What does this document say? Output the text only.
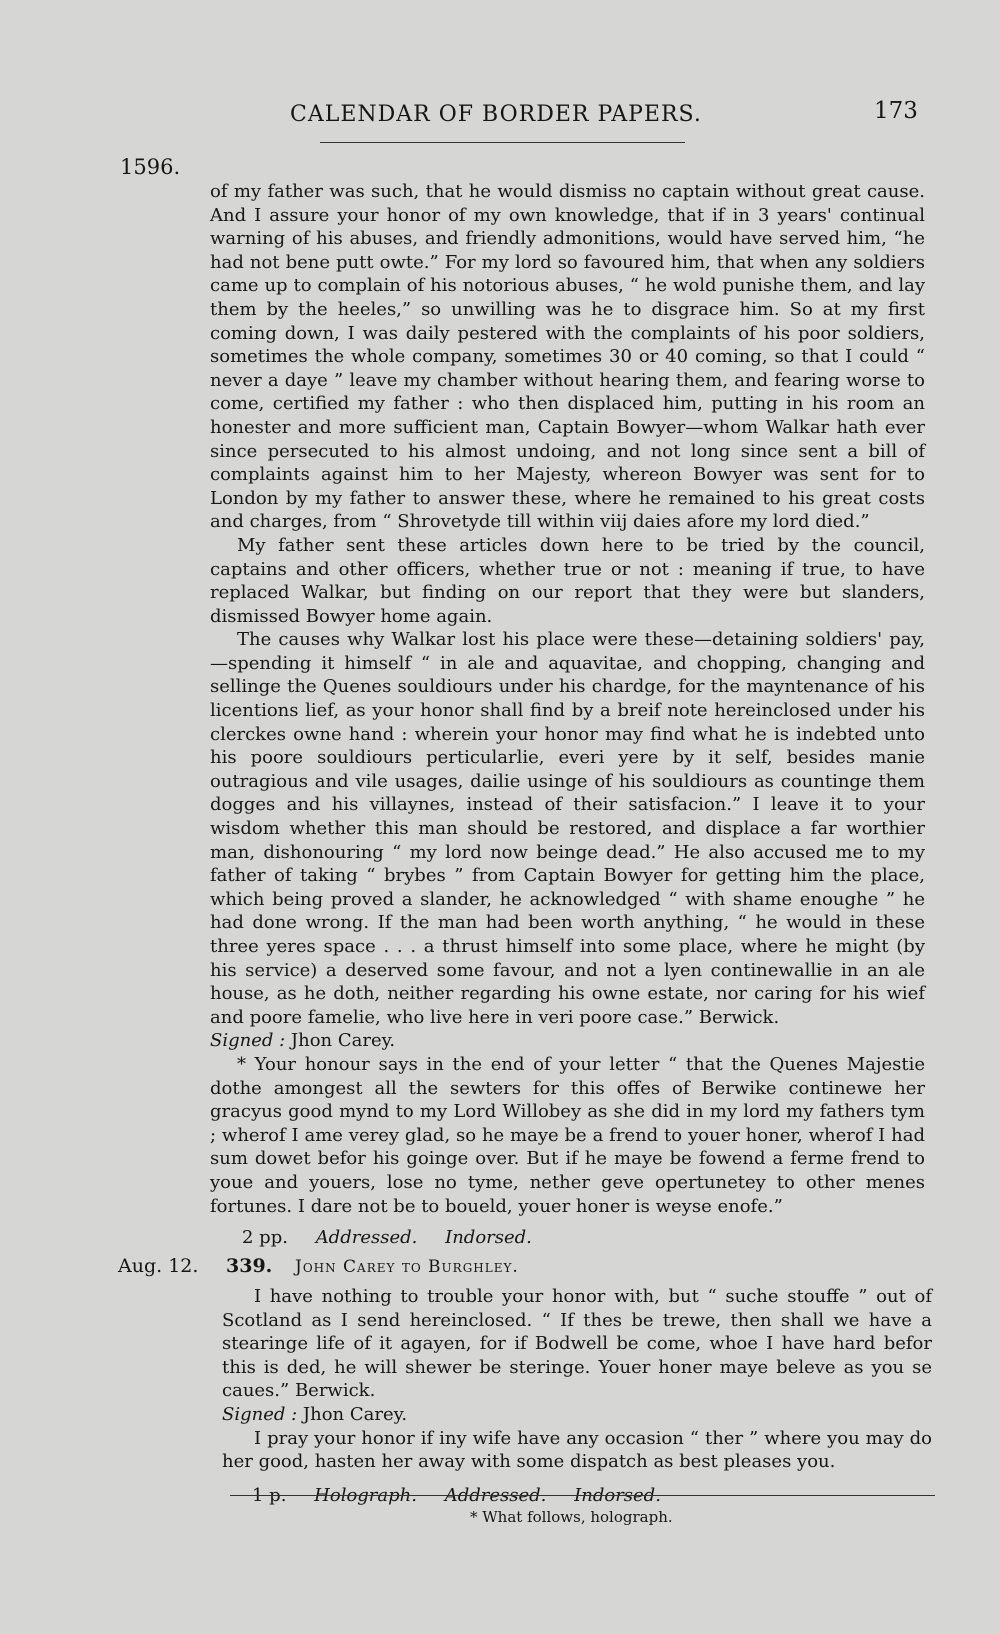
CALENDAR OF BORDER PAPERS.	173
1596.

of my father was such, that he would dismiss no captain without great cause. And I assure your honor of my own knowledge, that if in 3 years' continual warning of his abuses, and friendly admonitions, would have served him, “he had not bene putt owte.” For my lord so favoured him, that when any soldiers came up to complain of his notorious abuses, “ he wold punishe them, and lay them by the heeles,” so unwilling was he to disgrace him. So at my first coming down, I was daily pestered with the complaints of his poor soldiers, sometimes the whole company, sometimes 30 or 40 coming, so that I could “ never a daye ” leave my chamber without hearing them, and fearing worse to come, certified my father : who then displaced him, putting in his room an honester and more sufficient man, Captain Bowyer—whom Walkar hath ever since persecuted to his almost undoing, and not long since sent a bill of complaints against him to her Majesty, whereon Bowyer was sent for to London by my father to answer these, where he remained to his great costs and charges, from “ Shrovetyde till within viij daies afore my lord died.”

My father sent these articles down here to be tried by the council, captains and other officers, whether true or not : meaning if true, to have replaced Walkar, but finding on our report that they were but slanders, dismissed Bowyer home again.

The causes why Walkar lost his place were these—detaining soldiers' pay, —spending it himself “ in ale and aquavitae, and chopping, changing and sellinge the Quenes souldiours under his chardge, for the mayntenance of his licentions lief, as your honor shall find by a breif note hereinclosed under his clerckes owne hand : wherein your honor may find what he is indebted unto his poore souldiours perticularlie, everi yere by it self, besides manie outragious and vile usages, dailie usinge of his souldiours as countinge them dogges and his villaynes, instead of their satisfacion.” I leave it to your wisdom whether this man should be restored, and displace a far worthier man, dishonouring “ my lord now beinge dead.” He also accused me to my father of taking “ brybes ” from Captain Bowyer for getting him the place, which being proved a slander, he acknowledged “ with shame enoughe ” he had done wrong. If the man had been worth anything, “ he would in these three yeres space . . . a thrust himself into some place, where he might (by his service) a deserved some favour, and not a lyen continewallie in an ale house, as he doth, neither regarding his owne estate, nor caring for his wief and poore famelie, who live here in veri poore case.” Berwick.

Signed : Jhon Carey.

* Your honour says in the end of your letter “ that the Quenes Majestie dothe amongest all the sewters for this offes of Berwike continewe her gracyus good mynd to my Lord Willobey as she did in my lord my fathers tym ; wherof I ame verey glad, so he maye be a frend to youer honer, wherof I had sum dowet befor his goinge over. But if he maye be fowend a ferme frend to youe and youers, lose no tyme, nether geve opertunetey to other menes fortunes. I dare not be to boueld, youer honer is weyse enofe.”

2 pp. Addressed. Indorsed.
Aug. 12. 339. John Carey to Burghley.

I have nothing to trouble your honor with, but “ suche stouffe ” out of Scotland as I send hereinclosed. “ If thes be trewe, then shall we have a stearinge life of it agayen, for if Bodwell be come, whoe I have hard befor this is ded, he will shewer be steringe. Youer honer maye beleve as you se caues.” Berwick.

Signed : Jhon Carey.

I pray your honor if iny wife have any occasion “ ther ” where you may do her good, hasten her away with some dispatch as best pleases you.

1 p. Holograph. Addressed. Indorsed.
* What follows, holograph.
